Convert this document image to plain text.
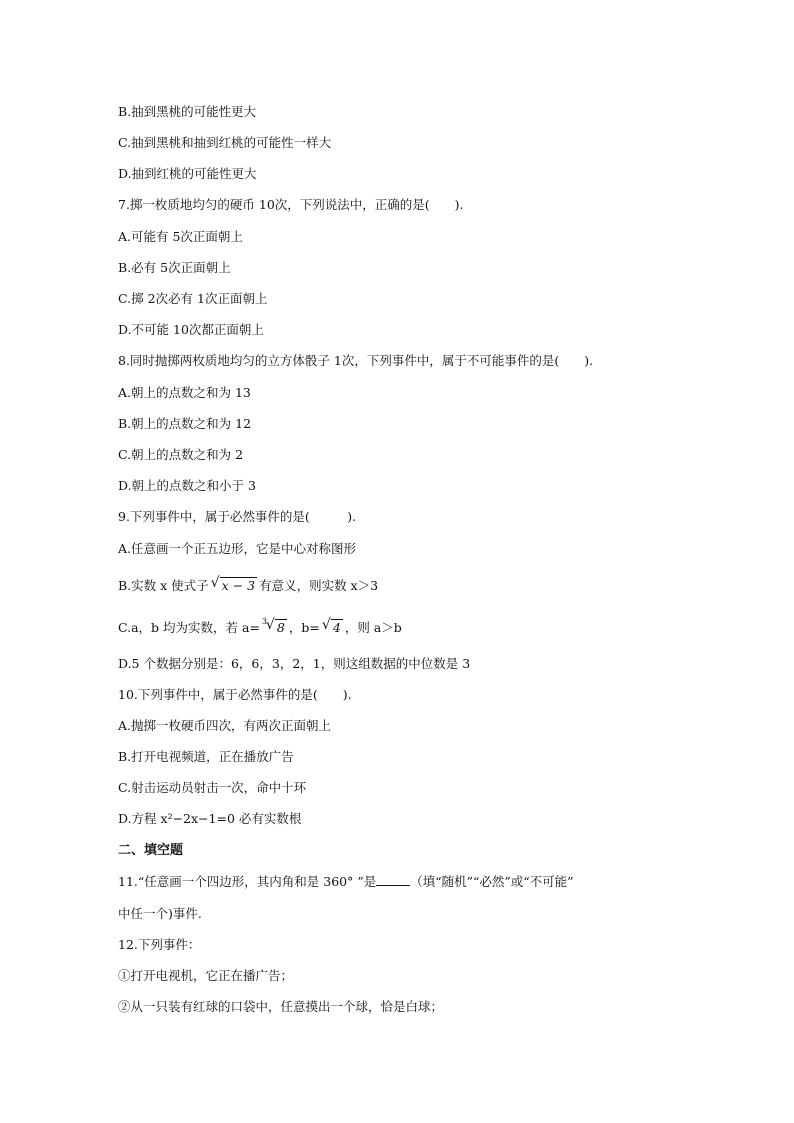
B.抽到黑桃的可能性更大
C.抽到黑桃和抽到红桃的可能性一样大
D.抽到红桃的可能性更大
7.掷一枚质地均匀的硬币 10次，下列说法中，正确的是(　　).
A.可能有 5次正面朝上
B.必有 5次正面朝上
C.掷 2次必有 1次正面朝上
D.不可能 10次都正面朝上
8.同时抛掷两枚质地均匀的立方体骰子 1次，下列事件中，属于不可能事件的是(　　).
A.朝上的点数之和为 13
B.朝上的点数之和为 12
C.朝上的点数之和为 2
D.朝上的点数之和小于 3
9.下列事件中，属于必然事件的是(　　　).
A.任意画一个正五边形，它是中心对称图形
B.实数 x 使式子 √ x − 3 有意义，则实数 x＞3
C.a，b 均为实数，若 a= 3
√ 8 ，b= √ 4 ，则 a＞b
D.5 个数据分别是：6，6，3，2，1，则这组数据的中位数是 3
10.下列事件中，属于必然事件的是(　　).
A.抛掷一枚硬币四次，有两次正面朝上
B.打开电视频道，正在播放广告
C.射击运动员射击一次，命中十环
D.方程 x²−2x−1=0 必有实数根
二、填空题
11.“任意画一个四边形，其内角和是 360° ”是	（填“随机”“必然”或“不可能”
中任一个)事件.
12.下列事件：
①打开电视机，它正在播广告；
②从一只装有红球的口袋中，任意摸出一个球，恰是白球；
